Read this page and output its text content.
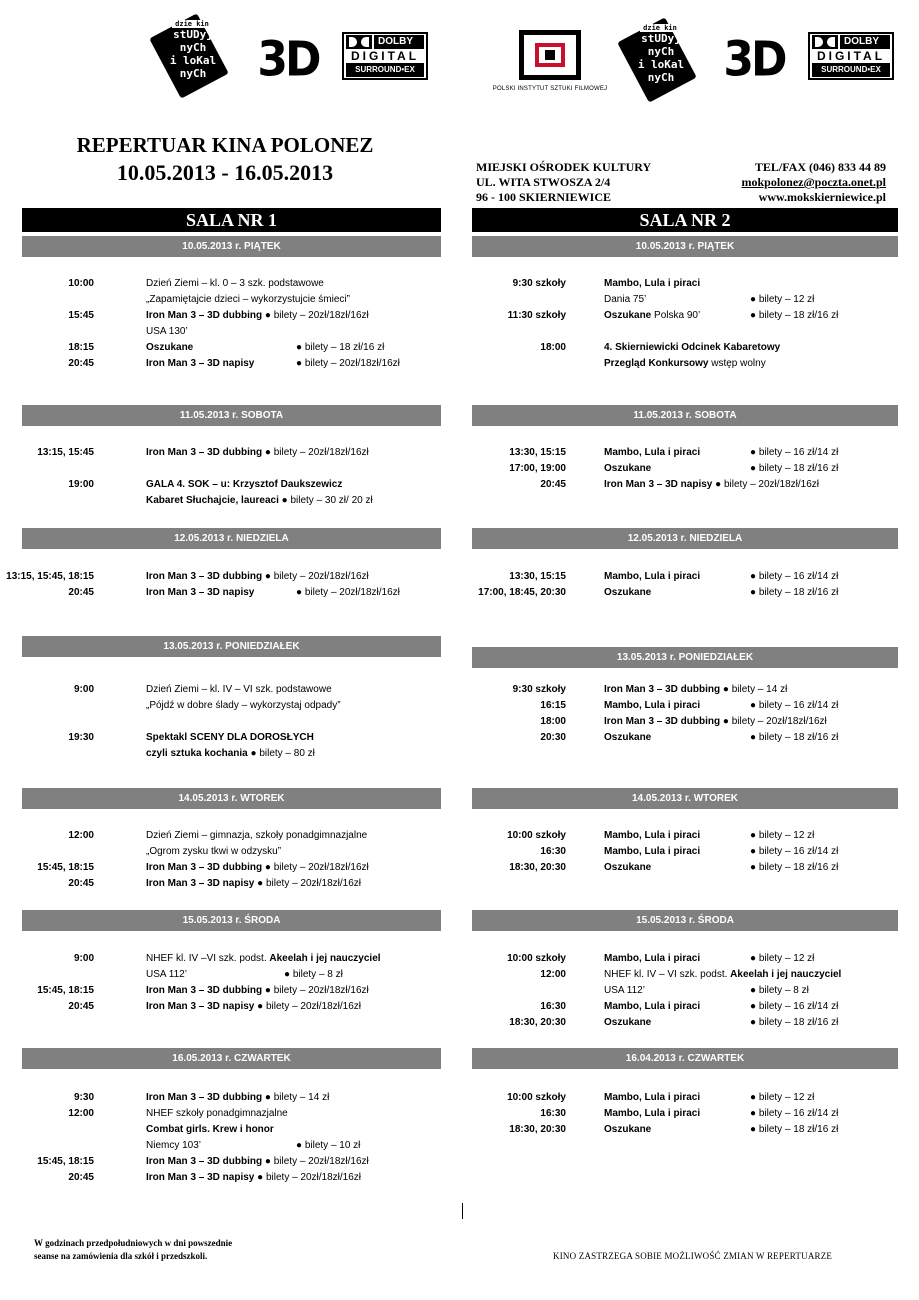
dzie kin
stUDyj
nyCh
i loKal
nyCh	3D	DOLBY
DIGITAL
SURROUND•EX
POLSKI INSTYTUT SZTUKI FILMOWEJ
dzie kin
stUDyj
nyCh
i loKal
nyCh	3D	DOLBY
DIGITAL
SURROUND•EX
REPERTUAR KINA POLONEZ
10.05.2013 - 16.05.2013	MIEJSKI OŚRODEK KULTURY
UL. WITA STWOSZA 2/4
96 - 100 SKIERNIEWICE
TEL/FAX (046) 833 44 89
mokpolonez@poczta.onet.pl
www.mokskierniewice.pl
SALA NR 1	SALA NR 2
10.05.2013 r. PIĄTEK
10:00	Dzień Ziemi – kl. 0 – 3 szk. podstawowe
„Zapamiętajcie dzieci – wykorzystujcie śmieci”
15:45	Iron Man 3 – 3D dubbing ● bilety – 20zł/18zł/16zł
USA 130’
18:15	Oszukane	● bilety – 18 zł/16 zł
20:45	Iron Man 3 – 3D napisy	● bilety – 20zł/18zł/16zł
11.05.2013 r. SOBOTA
13:15, 15:45	Iron Man 3 – 3D dubbing ● bilety – 20zł/18zł/16zł
19:00	GALA 4. SOK – u: Krzysztof Daukszewicz
Kabaret Słuchajcie, laureaci ● bilety – 30 zł/ 20 zł
12.05.2013 r. NIEDZIELA
13:15, 15:45, 18:15	Iron Man 3 – 3D dubbing ● bilety – 20zł/18zł/16zł
20:45	Iron Man 3 – 3D napisy	● bilety – 20zł/18zł/16zł
13.05.2013 r. PONIEDZIAŁEK
9:00	Dzień Ziemi – kl. IV – VI szk. podstawowe
„Pójdź w dobre ślady – wykorzystaj odpady”
19:30	Spektakl SCENY DLA DOROSŁYCH
czyli sztuka kochania ● bilety – 80 zł
14.05.2013 r. WTOREK
12:00	Dzień Ziemi – gimnazja, szkoły ponadgimnazjalne
„Ogrom zysku tkwi w odzysku”
15:45, 18:15	Iron Man 3 – 3D dubbing ● bilety – 20zł/18zł/16zł
20:45	Iron Man 3 – 3D napisy ● bilety – 20zł/18zł/16zł
15.05.2013 r. ŚRODA
9:00	NHEF kl. IV –VI szk. podst. Akeelah i jej nauczyciel
USA 112’	● bilety – 8 zł
15:45, 18:15	Iron Man 3 – 3D dubbing ● bilety – 20zł/18zł/16zł
20:45	Iron Man 3 – 3D napisy ● bilety – 20zł/18zł/16zł
16.05.2013 r. CZWARTEK
9:30	Iron Man 3 – 3D dubbing ● bilety – 14 zł
12:00	NHEF szkoły ponadgimnazjalne
Combat girls. Krew i honor
Niemcy 103’	● bilety – 10 zł
15:45, 18:15	Iron Man 3 – 3D dubbing ● bilety – 20zł/18zł/16zł
20:45	Iron Man 3 – 3D napisy ● bilety – 20zł/18zł/16zł
10.05.2013 r. PIĄTEK
9:30 szkoły	Mambo, Lula i piraci
Dania 75’	● bilety – 12 zł
11:30 szkoły	Oszukane Polska 90’	● bilety – 18 zł/16 zł
18:00	4. Skierniewicki Odcinek Kabaretowy
Przegląd Konkursowy wstęp wolny
11.05.2013 r. SOBOTA
13:30, 15:15	Mambo, Lula i piraci	● bilety – 16 zł/14 zł
17:00, 19:00	Oszukane	● bilety – 18 zł/16 zł
20:45	Iron Man 3 – 3D napisy ● bilety – 20zł/18zł/16zł
12.05.2013 r. NIEDZIELA
13:30, 15:15	Mambo, Lula i piraci	● bilety – 16 zł/14 zł
17:00, 18:45, 20:30	Oszukane	● bilety – 18 zł/16 zł
13.05.2013 r. PONIEDZIAŁEK
9:30 szkoły	Iron Man 3 – 3D dubbing ● bilety – 14 zł
16:15	Mambo, Lula i piraci	● bilety – 16 zł/14 zł
18:00	Iron Man 3 – 3D dubbing ● bilety – 20zł/18zł/16zł
20:30	Oszukane	● bilety – 18 zł/16 zł
14.05.2013 r. WTOREK
10:00 szkoły	Mambo, Lula i piraci	● bilety – 12 zł
16:30	Mambo, Lula i piraci	● bilety – 16 zł/14 zł
18:30, 20:30	Oszukane	● bilety – 18 zł/16 zł
15.05.2013 r. ŚRODA
10:00 szkoły	Mambo, Lula i piraci	● bilety – 12 zł
12:00	NHEF kl. IV – VI szk. podst. Akeelah i jej nauczyciel
USA 112’	● bilety – 8 zł
16:30	Mambo, Lula i piraci	● bilety – 16 zł/14 zł
18:30, 20:30	Oszukane	● bilety – 18 zł/16 zł
16.04.2013 r. CZWARTEK
10:00 szkoły	Mambo, Lula i piraci	● bilety – 12 zł
16:30	Mambo, Lula i piraci	● bilety – 16 zł/14 zł
18:30, 20:30	Oszukane	● bilety – 18 zł/16 zł
W godzinach przedpołudniowych w dni powszednie
seanse na zamówienia dla szkół i przedszkoli.	KINO ZASTRZEGA SOBIE MOŻLIWOŚĆ ZMIAN W REPERTUARZE
